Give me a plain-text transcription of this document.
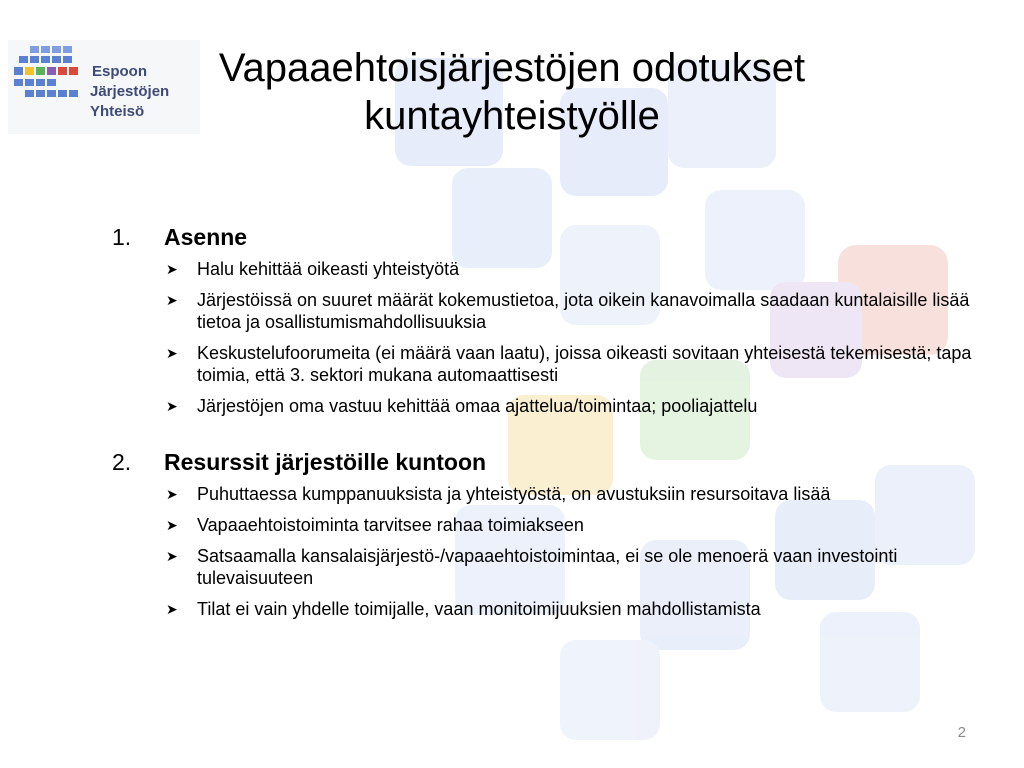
Espoon
Järjestöjen
Yhteisö
Vapaaehtoisjärjestöjen odotukset
kuntayhteistyölle
1.	Asenne
➤	Halu kehittää oikeasti yhteistyötä
➤	Järjestöissä on suuret määrät kokemustietoa, jota oikein kanavoimalla saadaan kuntalaisille lisää tietoa ja osallistumismahdollisuuksia
➤	Keskustelufoorumeita (ei määrä vaan laatu), joissa oikeasti sovitaan yhteisestä tekemisestä; tapa toimia, että 3. sektori mukana automaattisesti
➤	Järjestöjen oma vastuu kehittää omaa ajattelua/toimintaa; pooliajattelu
2.	Resurssit järjestöille kuntoon
➤	Puhuttaessa kumppanuuksista ja yhteistyöstä, on avustuksiin resursoitava lisää
➤	Vapaaehtoistoiminta tarvitsee rahaa toimiakseen
➤	Satsaamalla kansalaisjärjestö-/vapaaehtoistoimintaa, ei se ole menoerä vaan investointi tulevaisuuteen
➤	Tilat ei vain yhdelle toimijalle, vaan monitoimijuuksien mahdollistamista
2
